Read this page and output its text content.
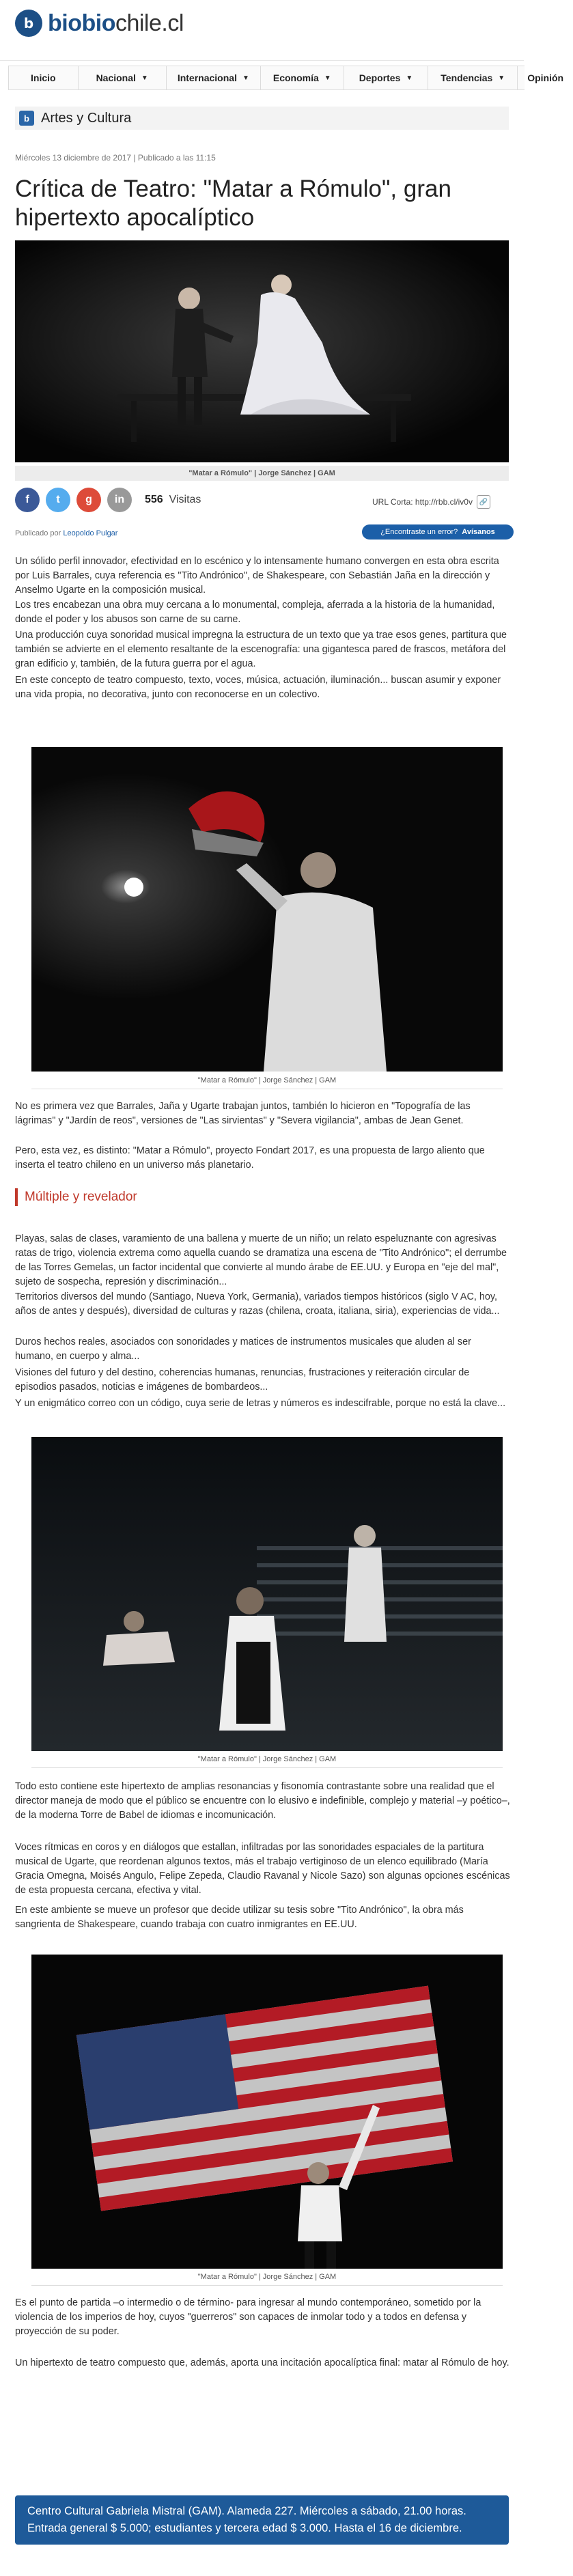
b biobiochile.cl
Inicio	Nacional ▼	Internacional ▼	Economía ▼	Deportes ▼	Tendencias ▼ Opinión
b Artes y Cultura
Miércoles 13 diciembre de 2017 | Publicado a las 11:15
Crítica de Teatro: "Matar a Rómulo", gran hipertexto apocalíptico
"Matar a Rómulo" | Jorge Sánchez | GAM
f t g in 556 Visitas	URL Corta: http://rbb.cl/iv0v 🔗
Publicado por Leopoldo Pulgar	¿Encontraste un error? Avísanos

Un sólido perfil innovador, efectividad en lo escénico y lo intensamente humano convergen en esta obra escrita por Luis Barrales, cuya referencia es "Tito Andrónico", de Shakespeare, con Sebastián Jaña en la dirección y Anselmo Ugarte en la composición musical.

Los tres encabezan una obra muy cercana a lo monumental, compleja, aferrada a la historia de la humanidad, donde el poder y los abusos son carne de su carne.

Una producción cuya sonoridad musical impregna la estructura de un texto que ya trae esos genes, partitura que también se advierte en el elemento resaltante de la escenografía: una gigantesca pared de frascos, metáfora del gran edificio y, también, de la futura guerra por el agua.

En este concepto de teatro compuesto, texto, voces, música, actuación, iluminación... buscan asumir y exponer una vida propia, no decorativa, junto con reconocerse en un colectivo.

"Matar a Rómulo" | Jorge Sánchez | GAM

No es primera vez que Barrales, Jaña y Ugarte trabajan juntos, también lo hicieron en "Topografía de las lágrimas" y "Jardín de reos", versiones de "Las sirvientas" y "Severa vigilancia", ambas de Jean Genet.

Pero, esta vez, es distinto: "Matar a Rómulo", proyecto Fondart 2017, es una propuesta de largo aliento que inserta el teatro chileno en un universo más planetario.

Múltiple y revelador

Playas, salas de clases, varamiento de una ballena y muerte de un niño; un relato espeluznante con agresivas ratas de trigo, violencia extrema como aquella cuando se dramatiza una escena de "Tito Andrónico"; el derrumbe de las Torres Gemelas, un factor incidental que convierte al mundo árabe de EE.UU. y Europa en "eje del mal", sujeto de sospecha, represión y discriminación...

Territorios diversos del mundo (Santiago, Nueva York, Germania), variados tiempos históricos (siglo V AC, hoy, años de antes y después), diversidad de culturas y razas (chilena, croata, italiana, siria), experiencias de vida...

Duros hechos reales, asociados con sonoridades y matices de instrumentos musicales que aluden al ser humano, en cuerpo y alma...

Visiones del futuro y del destino, coherencias humanas, renuncias, frustraciones y reiteración circular de episodios pasados, noticias e imágenes de bombardeos...

Y un enigmático correo con un código, cuya serie de letras y números es indescifrable, porque no está la clave...

"Matar a Rómulo" | Jorge Sánchez | GAM

Todo esto contiene este hipertexto de amplias resonancias y fisonomía contrastante sobre una realidad que el director maneja de modo que el público se encuentre con lo elusivo e indefinible, complejo y material –y poético–, de la moderna Torre de Babel de idiomas e incomunicación.

Voces rítmicas en coros y en diálogos que estallan, infiltradas por las sonoridades espaciales de la partitura musical de Ugarte, que reordenan algunos textos, más el trabajo vertiginoso de un elenco equilibrado (María Gracia Omegna, Moisés Angulo, Felipe Zepeda, Claudio Ravanal y Nicole Sazo) son algunas opciones escénicas de esta propuesta cercana, efectiva y vital.

En este ambiente se mueve un profesor que decide utilizar su tesis sobre "Tito Andrónico", la obra más sangrienta de Shakespeare, cuando trabaja con cuatro inmigrantes en EE.UU.

"Matar a Rómulo" | Jorge Sánchez | GAM

Es el punto de partida –o intermedio o de término- para ingresar al mundo contemporáneo, sometido por la violencia de los imperios de hoy, cuyos "guerreros" son capaces de inmolar todo y a todos en defensa y proyección de su poder.

Un hipertexto de teatro compuesto que, además, aporta una incitación apocalíptica final: matar al Rómulo de hoy.

Centro Cultural Gabriela Mistral (GAM). Alameda 227. Miércoles a sábado, 21.00 horas.
Entrada general $ 5.000; estudiantes y tercera edad $ 3.000. Hasta el 16 de diciembre.
